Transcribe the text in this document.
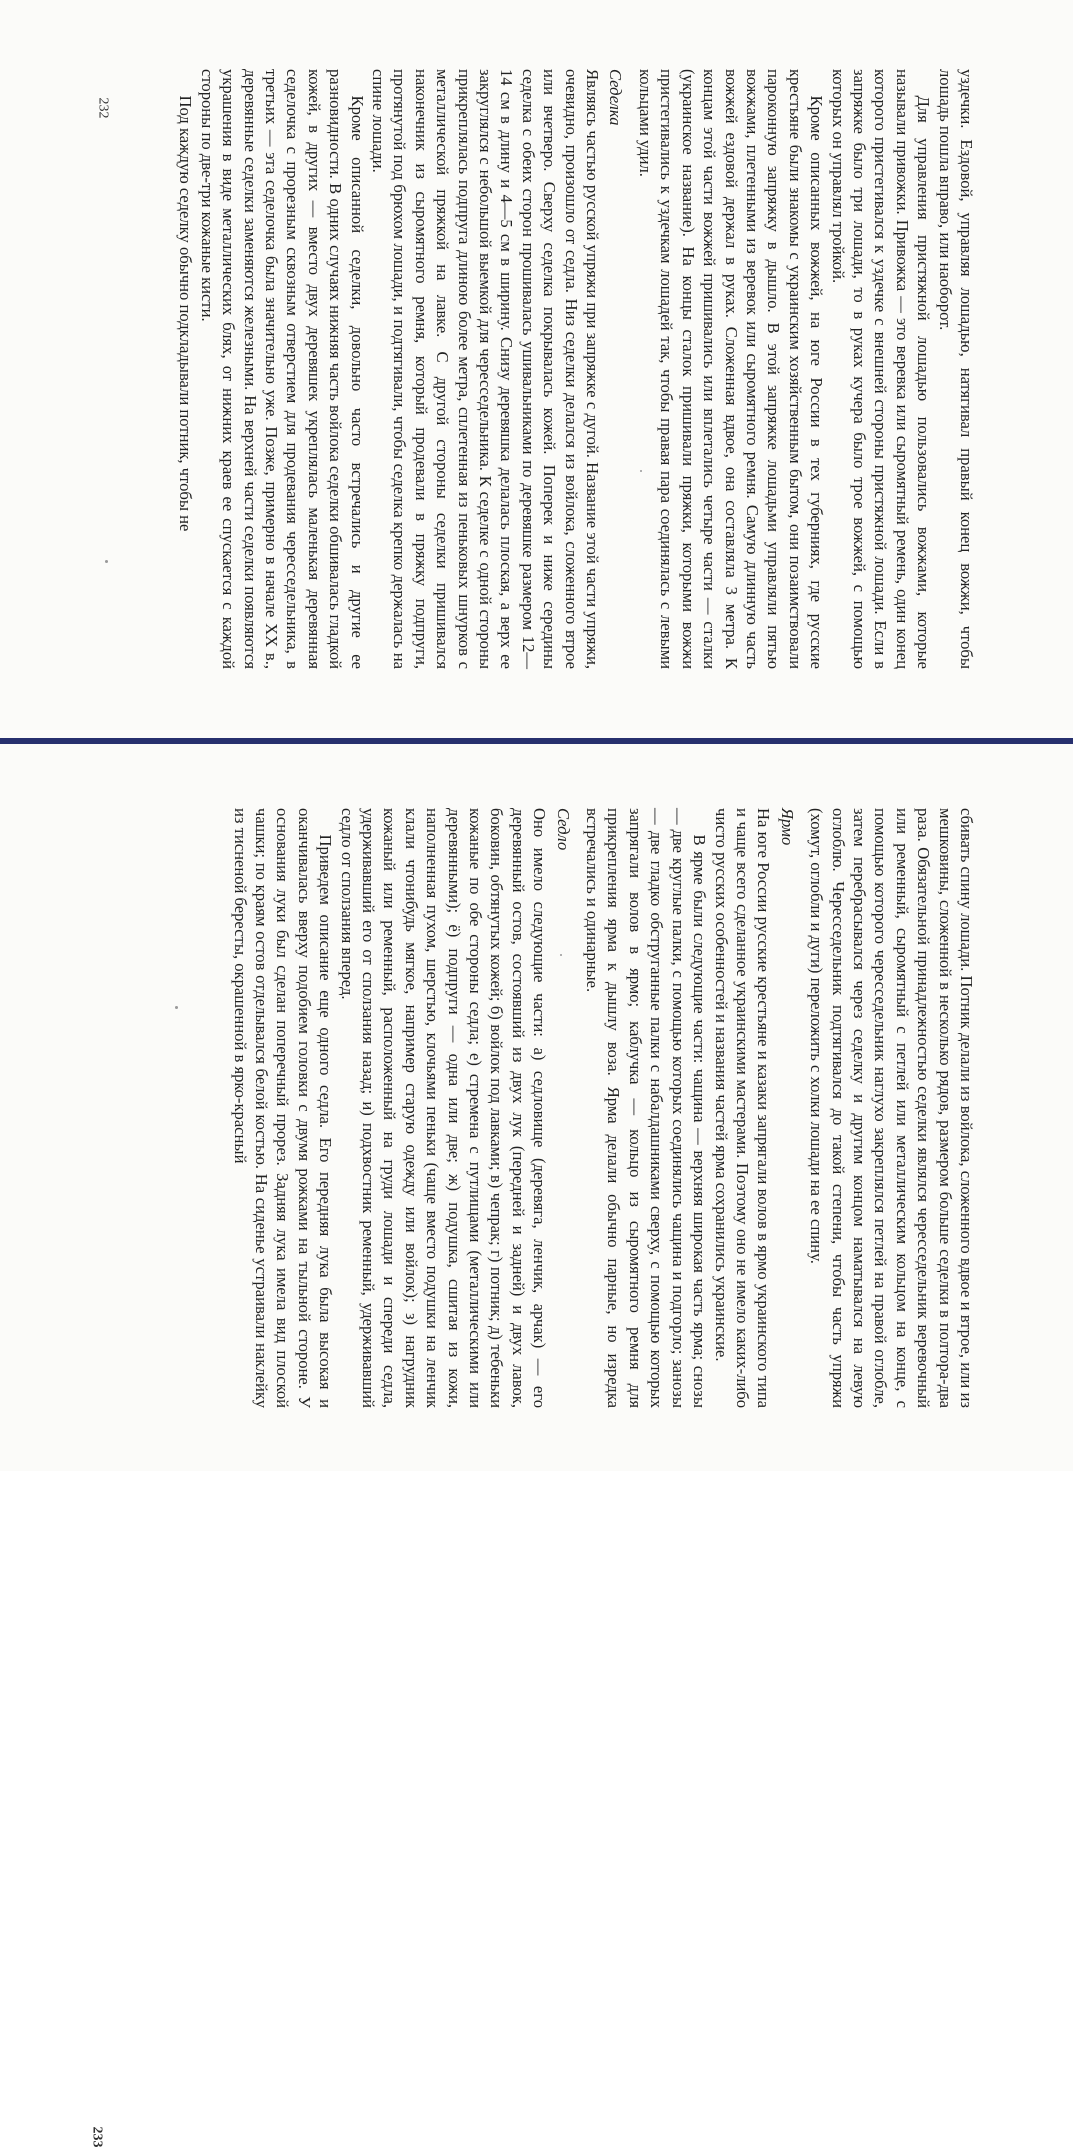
уздечки. Ездовой, управляя лошадью, натягивал правый конец вожжи, чтобы лошадь пошла вправо, или наоборот.

Для управления пристяжной лошадью пользовались вожжами, которые называли привожки. Привожка — это веревка или сыромятный ремень, один конец которого пристегивался к уздечке с внешней стороны пристяжной лошади. Если в запряжке было три лошади, то в руках кучера было трое вожжей, с помощью которых он управлял тройкой.

Кроме описанных вожжей, на юге России в тех губерниях, где русские крестьяне были знакомы с украинским хозяйственным бытом, они позаимствовали пароконную запряжку в дышло. В этой запряжке лошадьми управляли пятью вожжами, плетенными из веревок или сыромятного ремня. Самую длинную часть вожжей ездовой держал в руках. Сложенная вдвое, она составляла 3 метра. К концам этой части вожжей пришивались или вплетались четыре части — сталки (украинское название). На концы сталок пришивали пряжки, которыми вожжи пристегивались к уздечкам лошадей так, чтобы правая пара соединялась с левыми кольцами удил.

Седелка

Являясь частью русской упряжи при запряжке с дугой. Название этой части упряжи, очевидно, произошло от седла. Низ седелки делался из войлока, сложенного втрое или вчетверо. Сверху седелка покрывалась кожей. Поперек и ниже середины седелка с обеих сторон прошивалась ушивальниками по деревяшке размером 12—14 см в длину и 4—5 см в ширину. Снизу деревяшка делалась плоская, а верх ее закруглялся с небольшой выемкой для чересседельника. К седелке с одной стороны прикреплялась подпруга длиною более метра, сплетенная из пеньковых шнурков с металлической пряжкой на лавке. С другой стороны седелки пришивался наконечник из сыромятного ремня, который продевали в пряжку подпруги, протянутой под брюхом лошади, и подтягивали, чтобы седелка крепко держалась на спине лошади.

Кроме описанной седелки, довольно часто встречались и другие ее разновидности. В одних случаях нижняя часть войлока седелки обшивалась гладкой кожей, в других — вместо двух деревяшек укреплялась маленькая деревянная седелочка с прорезным сквозным отверстием для продевания чересседельника, в третьих — эта седелочка была значительно уже. Позже, примерно в начале XX в., деревянные седелки заменяются железными. На верхней части седелки появляются украшения в виде металлических блях, от нижних краев ее спускается с каждой стороны по две-три кожаные кисти.

Под каждую седелку обычно подкладывали потник, чтобы не

232

сбивать спину лошади. Потник делали из войлока, сложенного вдвое и втрое, или из мешковины, сложенной в несколько рядов, размером больше седелки в полтора-два раза. Обязательной принадлежностью седелки являлся чересседельник веревочный или ременный, сыромятный с петлей или металлическим кольцом на конце, с помощью которого чересседельник наглухо закреплялся петлей на правой оглобле, затем перебрасывался через седелку и другим концом наматывался на левую оглоблю. Чересседельник подтягивался до такой степени, чтобы часть упряжи (хомут, оглобли и дуги) переложить с холки лошади на ее спину.

Ярмо

На юге России русские крестьяне и казаки запрягали волов в ярмо украинского типа и чаще всего сделанное украинскими мастерами. Поэтому оно не имело каких-либо чисто русских особенностей и названия частей ярма сохранились украинские.

В ярме были следующие части: чащина — верхняя широкая часть ярма; снозы — две круглые палки, с помощью которых соединялись чащина и подгорло; занозы — две гладко обструганные палки с набалдашниками сверху, с помощью которых запрягали волов в ярмо; каблучка — кольцо из сыромятного ремня для прикрепления ярма к дышлу воза. Ярма делали обычно парные, но изредка встречались и одинарные.

Седло

Оно имело следующие части: а) седловище (деревяга, ленчик, арчак) — его деревянный остов, состоявший из двух лук (передней и задней) и двух лавок, боковин, обтянутых кожей; б) войлок под лавками; в) чепрак; г) потник; д) тебеньки кожаные по обе стороны седла; е) стремена с путлищами (металлическими или деревянными); ё) подпруги — одна или две; ж) подушка, сшитая из кожи, наполненная пухом, шерстью, клочьями пеньки (чаще вместо подушки на ленчик клали чтонибудь мягкое, например старую одежду или войлок); з) нагрудник кожаный или ременный, расположенный на груди лошади и спереди седла, удерживавший его от сползания назад; и) подхвостник ременный, удерживавший седло от сползания вперед.

Приведем описание еще одного седла. Его передняя лука была высокая и оканчивалась вверху подобием головки с двумя рожками на тыльной стороне. У основания луки был сделан поперечный прорез. Задняя лука имела вид плоской чашки; по краям остов отделывался белой костью. На сиденье устраивали наклейку из тисненой бересты, окрашенной в ярко-красный

233
